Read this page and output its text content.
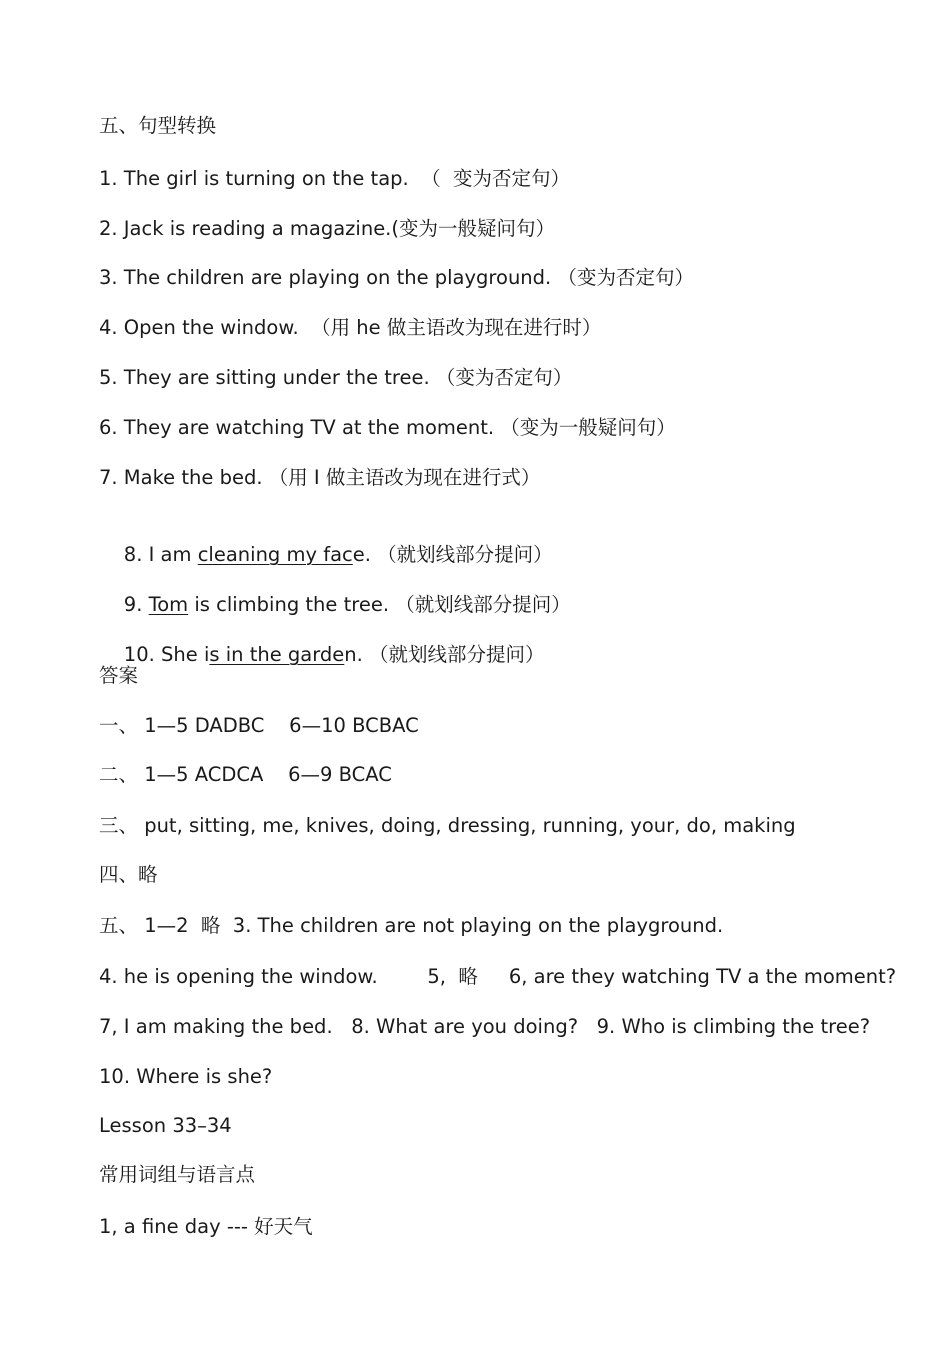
五、句型转换
1. The girl is turning on the tap.  （  变为否定句）
2. Jack is reading a magazine.(变为一般疑问句）
3. The children are playing on the playground. （变为否定句）
4. Open the window.  （用 he 做主语改为现在进行时）
5. They are sitting under the tree. （变为否定句）
6. They are watching TV at the moment. （变为一般疑问句）
7. Make the bed. （用 I 做主语改为现在进行式）

8. I am cleaning my face. （就划线部分提问）

9. Tom is climbing the tree. （就划线部分提问）

10. She is in the garden. （就划线部分提问）

答案
一、 1—5 DADBC    6—10 BCBAC
二、 1—5 ACDCA    6—9 BCAC
三、 put, sitting, me, knives, doing, dressing, running, your, do, making
四、略
五、 1—2  略  3. The children are not playing on the playground.
4. he is opening the window.        5,  略     6, are they watching TV a the moment?
7, I am making the bed.   8. What are you doing?   9. Who is climbing the tree?
10. Where is she?
Lesson 33–34
常用词组与语言点
1, a fine day --- 好天气
